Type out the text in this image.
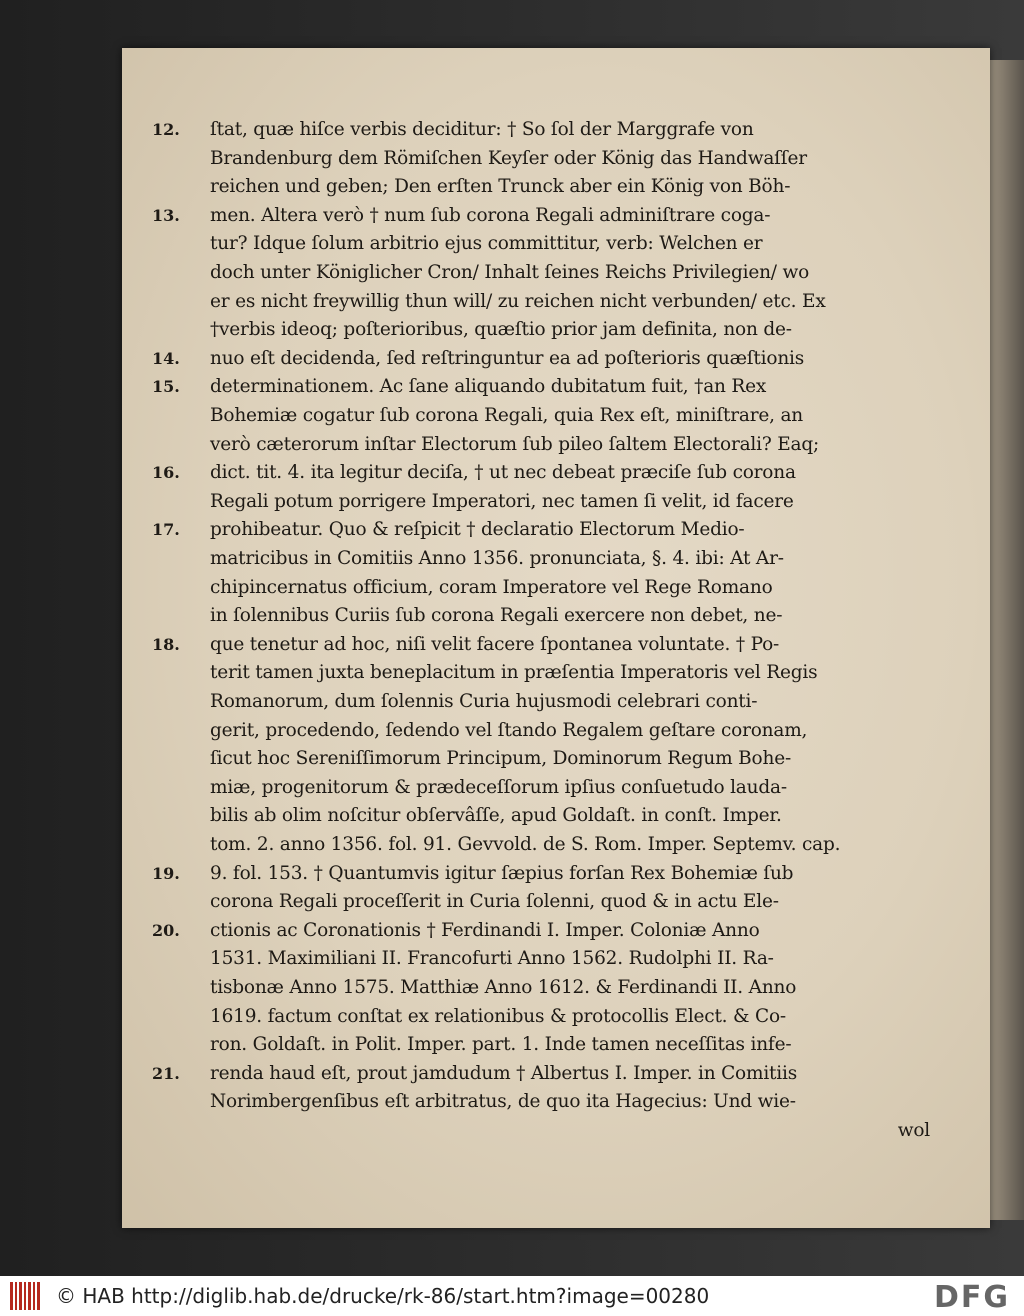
ſtat, quæ hiſce verbis deciditur: † So ſol der Marggrafe von
Brandenburg dem Römiſchen Keyſer oder König das Handwaſſer
reichen und geben; Den erſten Trunck aber ein König von Böh-
men. Altera verò † num ſub corona Regali adminiſtrare coga-
tur? Idque ſolum arbitrio ejus committitur, verb: Welchen er
doch unter Königlicher Cron/ Inhalt ſeines Reichs Privilegien/ wo
er es nicht freywillig thun will/ zu reichen nicht verbunden/ etc. Ex
†verbis ideoq; poſterioribus, quæſtio prior jam definita, non de-
nuo eſt decidenda, ſed reſtringuntur ea ad poſterioris quæſtionis
determinationem. Ac ſane aliquando dubitatum fuit, †an Rex
Bohemiæ cogatur ſub corona Regali, quia Rex eſt, miniſtrare, an
verò cæterorum inſtar Electorum ſub pileo ſaltem Electorali? Eaq;
dict. tit. 4. ita legitur deciſa, † ut nec debeat præciſe ſub corona
Regali potum porrigere Imperatori, nec tamen ſi velit, id facere
prohibeatur. Quo & reſpicit † declaratio Electorum Medio-
matricibus in Comitiis Anno 1356. pronunciata, §. 4. ibi: At Ar-
chipincernatus officium, coram Imperatore vel Rege Romano
in ſolennibus Curiis ſub corona Regali exercere non debet, ne-
que tenetur ad hoc, niſi velit facere ſpontanea voluntate. † Po-
terit tamen juxta beneplacitum in præſentia Imperatoris vel Regis
Romanorum, dum ſolennis Curia hujusmodi celebrari conti-
gerit, procedendo, ſedendo vel ſtando Regalem geſtare coronam,
ſicut hoc Sereniſſimorum Principum, Dominorum Regum Bohe-
miæ, progenitorum & prædeceſſorum ipſius conſuetudo lauda-
bilis ab olim noſcitur obſervâſſe, apud Goldaſt. in conſt. Imper.
tom. 2. anno 1356. fol. 91. Gevvold. de S. Rom. Imper. Septemv. cap.
9. fol. 153. † Quantumvis igitur ſæpius forſan Rex Bohemiæ ſub
corona Regali proceſſerit in Curia ſolenni, quod & in actu Ele-
ctionis ac Coronationis † Ferdinandi I. Imper. Coloniæ Anno
1531. Maximiliani II. Francofurti Anno 1562. Rudolphi II. Ra-
tisbonæ Anno 1575. Matthiæ Anno 1612. & Ferdinandi II. Anno
1619. factum conſtat ex relationibus & protocollis Elect. & Co-
ron. Goldaſt. in Polit. Imper. part. 1. Inde tamen neceſſitas infe-
renda haud eſt, prout jamdudum † Albertus I. Imper. in Comitiis
Norimbergenſibus eſt arbitratus, de quo ita Hagecius: Und wie-
wol
12.
13.
14.
15.
16.
17.
18.
19.
20.
21.
© HAB http://diglib.hab.de/drucke/rk-86/start.htm?image=00280	DFG
